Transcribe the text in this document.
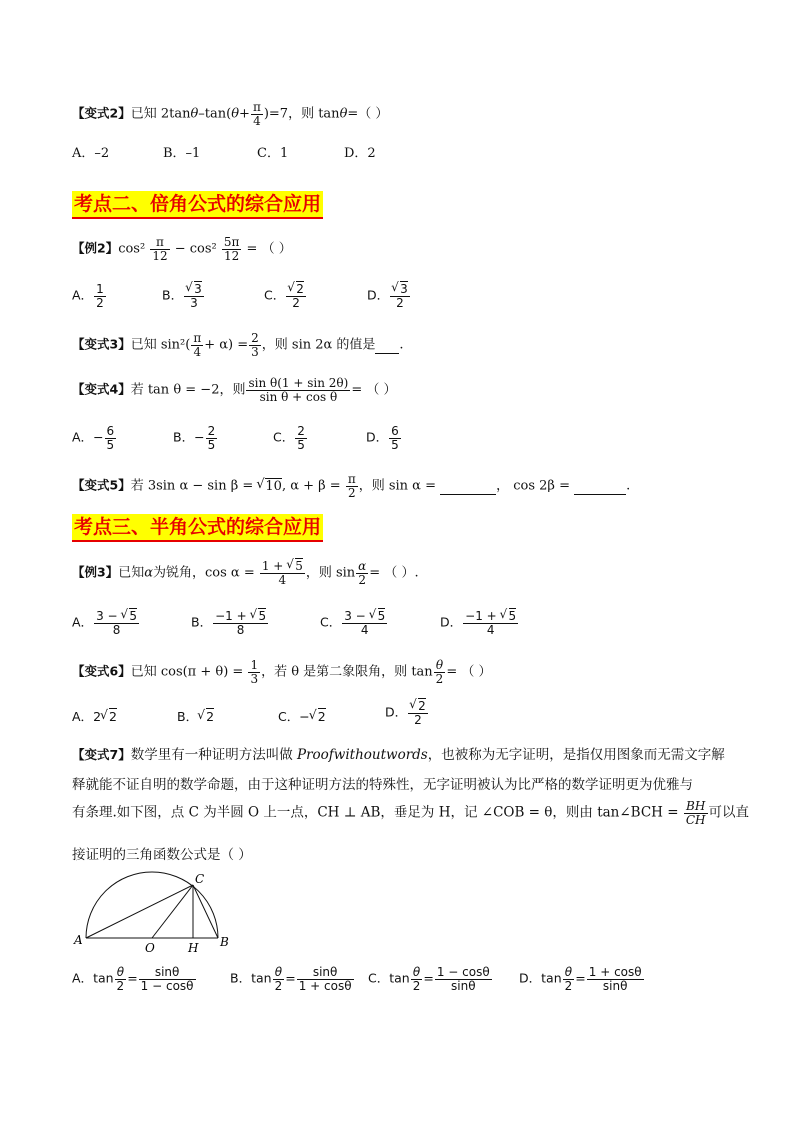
【变式2】已知 $2\tan\theta-\tan(\theta+ \frac{\pi}{4} )=7$，则 tanθ=（ ）
A．–2	B．–1	C．1	D．2
考点二、倍角公式的综合应用
【例2】$\cos^2 \frac{\pi}{12} - \cos^2 \frac{5\pi}{12}$ = （ ）
A． $\frac{1}{2}$	B． √ $\frac{3}{3}$	C． √ $\frac{2}{2}$	D． √ $\frac{3}{2}$
【变式3】已知 $\sin^2( \frac{\pi}{4} + \alpha) = \frac{2}{3}$ ，则 sin 2α 的值是 .
【变式4】若 tan θ = −2，则 $\frac{\text{sin θ(1 + sin 2θ)}}{\text{sin θ + cos θ}}$ = （ ）
A．− $\frac{6}{5}$	B．− $\frac{2}{5}$	C． $\frac{2}{5}$	D． $\frac{6}{5}$
【变式5】若 3sin α − sin β = √ 10, $\alpha + \beta = \frac{\pi}{2}$ ，则 sin α =	， cos 2β =	.
考点三、半角公式的综合应用
【例3】已知α为锐角，$\cos \alpha = \frac{1 + √ 5}{4}$ ，则 $\sin \frac{\alpha}{2}$ = （ ）.
A． $\frac{3 - √ 5}{8}$	B． $\frac{-1 + √ 5}{8}$	C． $\frac{3 - √ 5}{4}$	D． $\frac{-1 + √ 5}{4}$
【变式6】已知 $\cos(\pi + \theta) = \frac{1}{3}$ ，若 θ 是第二象限角，则 $\tan \frac{\theta}{2}$ = （ ）
A．2 √ 2	B． √ 2	C．− √ 2	D． √ $\frac{2}{2}$
【变式7】数学里有一种证明方法叫做 Proofwithoutwords，也被称为无字证明，是指仅用图象而无需文字解
释就能不证自明的数学命题，由于这种证明方法的特殊性，无字证明被认为比严格的数学证明更为优雅与
有条理.如下图，点 C 为半圆 O 上一点，CH ⊥ AB，垂足为 H，记 ∠COB = θ，则由 tan∠BCH = $\frac{BH}{CH}$ 可以直
接证明的三角函数公式是（ ）
A
O	H B
C
A．$\tan \frac{\theta}{2} = \frac{\sin\theta}{1 - \cos\theta}$	B．$\tan \frac{\theta}{2} = \frac{\sin\theta}{1 + \cos\theta}$ C．$\tan \frac{\theta}{2} = \frac{1 - \cos\theta}{\sin\theta}$ D．$\tan \frac{\theta}{2} = \frac{1 + \cos\theta}{\sin\theta}$
